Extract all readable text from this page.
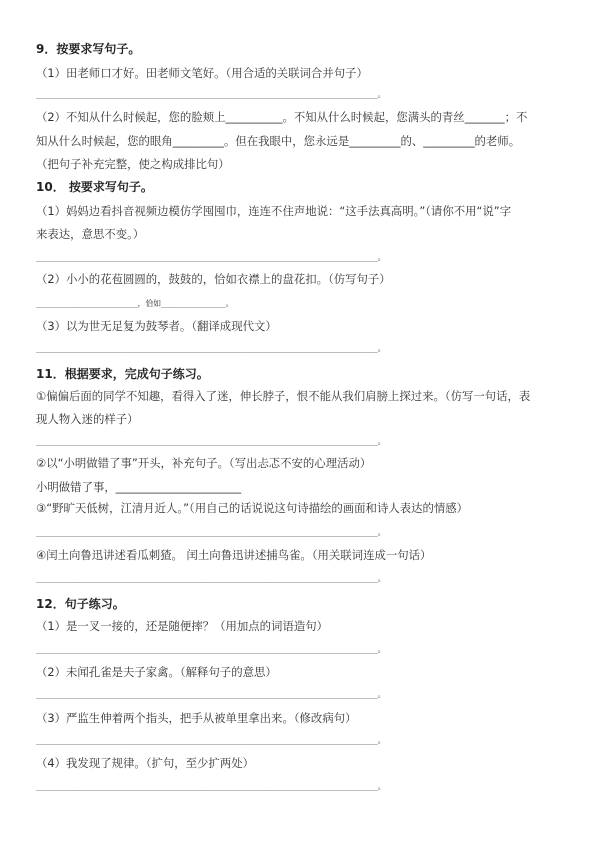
9．按要求写句子。
（1）田老师口才好。田老师文笔好。（用合适的关联词合并句子）
__________________________________________________________________________。
（2）不知从什么时候起，您的脸颊上__________。不知从什么时候起，您满头的青丝_______；不
知从什么时候起，您的眼角_________。但在我眼中，您永远是_________的、_________的老师。
（把句子补充完整，使之构成排比句）
10． 按要求写句子。
（1）妈妈边看抖音视频边模仿学囤囤巾，连连不住声地说：“这手法真高明。”（请你不用“说”字
来表达，意思不变。）
__________________________________________________________________________。
（2）小小的花苞圆圆的，鼓鼓的，恰如衣襟上的盘花扣。（仿写句子）
______________________，恰如______________。
（3）以为世无足复为鼓琴者。（翻译成现代文）
__________________________________________________________________________。
11．根据要求，完成句子练习。
①偏偏后面的同学不知趣，看得入了迷，伸长脖子，恨不能从我们肩膀上探过来。（仿写一句话，表
现人物入迷的样子）
__________________________________________________________________________。
②以“小明做错了事”开头，补充句子。（写出忐忑不安的心理活动）
小明做错了事，______________________
③“野旷天低树，江清月近人。”（用自己的话说说这句诗描绘的画面和诗人表达的情感）
__________________________________________________________________________。
④闰土向鲁迅讲述看瓜刺猹。 闰土向鲁迅讲述捕鸟雀。（用关联词连成一句话）
__________________________________________________________________________。
12．句子练习。
（1）是一叉一接的，还是随便摔？（用加点的词语造句）
__________________________________________________________________________。
（2）未闻孔雀是夫子家禽。（解释句子的意思）
__________________________________________________________________________。
（3）严监生伸着两个指头，把手从被单里拿出来。（修改病句）
__________________________________________________________________________。
（4）我发现了规律。（扩句，至少扩两处）
__________________________________________________________________________。
